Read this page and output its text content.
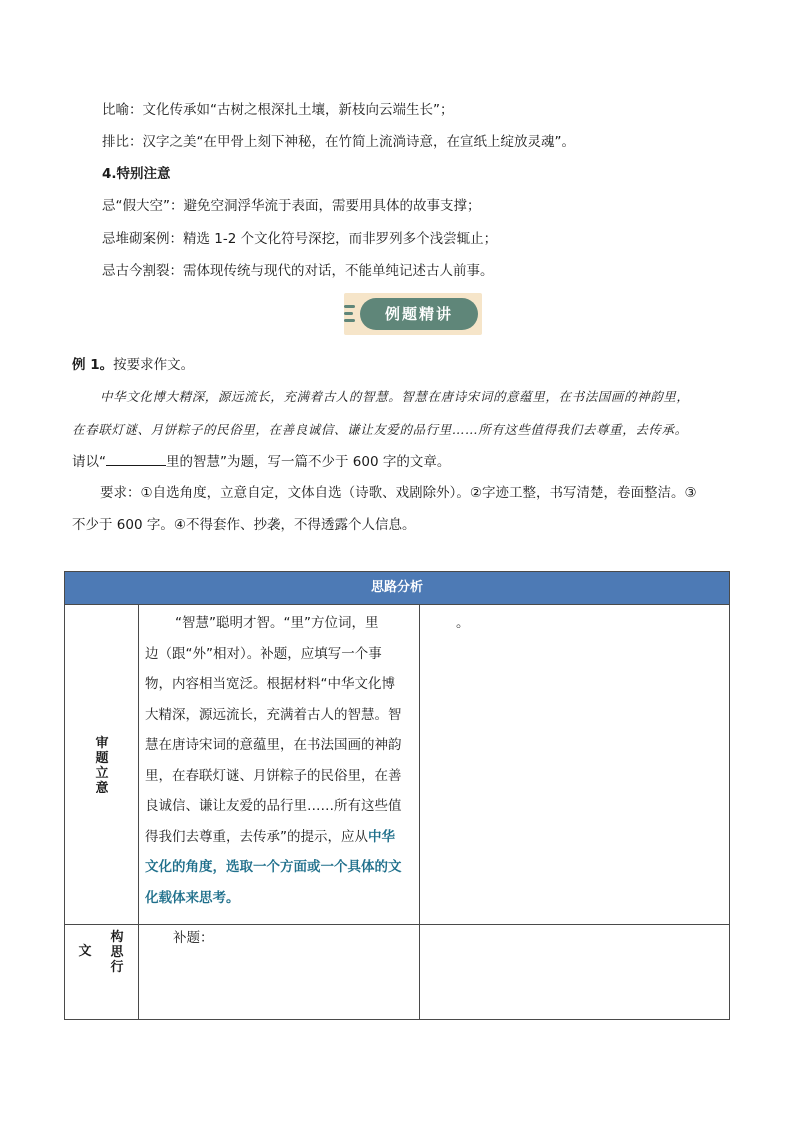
比喻：文化传承如“古树之根深扎土壤，新枝向云端生长”；
排比：汉字之美“在甲骨上刻下神秘，在竹简上流淌诗意，在宣纸上绽放灵魂”。
4.特别注意
忌“假大空”：避免空洞浮华流于表面，需要用具体的故事支撑；
忌堆砌案例：精选 1-2 个文化符号深挖，而非罗列多个浅尝辄止；
忌古今割裂：需体现传统与现代的对话，不能单纯记述古人前事。
例题精讲
例 1。按要求作文。
中华文化博大精深，源远流长，充满着古人的智慧。智慧在唐诗宋词的意蕴里，在书法国画的神韵里，
在春联灯谜、月饼粽子的民俗里，在善良诚信、谦让友爱的品行里……所有这些值得我们去尊重，去传承。
请以“	里的智慧”为题，写一篇不少于 600 字的文章。
要求：①自选角度，立意自定，文体自选（诗歌、戏剧除外）。②字迹工整，书写清楚，卷面整洁。③
不少于 600 字。④不得套作、抄袭，不得透露个人信息。
思路分析
审
题
立
意
“智慧”聪明才智。“里”方位词，里
边（跟“外”相对）。补题，应填写一个事
物，内容相当宽泛。根据材料“中华文化博
大精深，源远流长，充满着古人的智慧。智
慧在唐诗宋词的意蕴里，在书法国画的神韵
里，在春联灯谜、月饼粽子的民俗里，在善
良诚信、谦让友爱的品行里……所有这些值
得我们去尊重，去传承”的提示，应从中华
文化的角度，选取一个方面或一个具体的文
化载体来思考。
。
文
构
思
行
补题：
